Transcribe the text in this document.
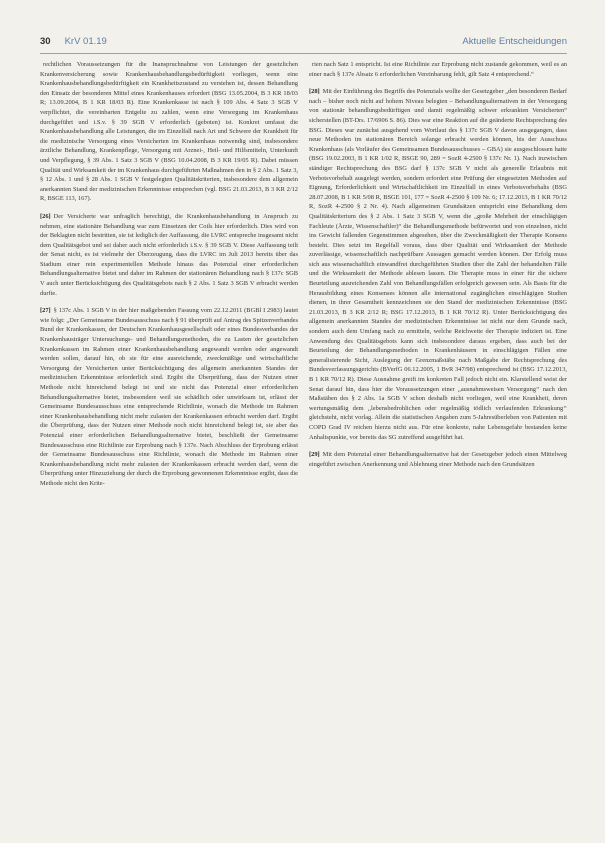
30 KrV 01.19	Aktuelle Entscheidungen

rechtlichen Voraussetzungen für die Inanspruchnahme von Leistungen der gesetzlichen Krankenversicherung sowie Krankenhausbehandlungsbedürftigkeit vorliegen, wenn eine Krankenhausbehandlungsbedürftigkeit ein Krankheitszustand zu verstehen ist, dessen Behandlung den Einsatz der besonderen Mittel eines Krankenhauses erfordert (BSG 13.05.2004, B 3 KR 18/03 R; 13.09.2004, B 1 KR 18/03 R). Eine Krankenkasse ist nach § 109 Abs. 4 Satz 3 SGB V verpflichtet, die vereinbarten Entgelte zu zahlen, wenn eine Versorgung im Krankenhaus durchgeführt und i.S.v. § 39 SGB V erforderlich (geboten) ist. Konkret umfasst die Krankenhausbehandlung alle Leistungen, die im Einzelfall nach Art und Schwere der Krankheit für die medizinische Versorgung eines Versicherten im Krankenhaus notwendig sind, insbesondere ärztliche Behandlung, Krankenpflege, Versorgung mit Arznei-, Heil- und Hilfsmitteln, Unterkunft und Verpflegung, § 39 Abs. 1 Satz 3 SGB V (BSG 10.04.2008, B 3 KR 19/05 R). Dabei müssen Qualität und Wirksamkeit der im Krankenhaus durchgeführten Maßnahmen den in § 2 Abs. 1 Satz 3, § 12 Abs. 1 und § 28 Abs. 1 SGB V festgelegten Qualitätskriterien, insbesondere dem allgemein anerkannten Stand der medizinischen Erkenntnisse entsprechen (vgl. BSG 21.03.2013, B 3 KR 2/12 R, BSGE 113, 167).

[26] Der Versicherte war unfraglich berechtigt, die Krankenhausbehandlung in Anspruch zu nehmen, eine stationäre Behandlung war zum Einsetzen der Coils hier erforderlich. Dies wird von der Beklagten nicht bestritten, sie ist lediglich der Auffassung, die LVRC entspreche insgesamt nicht dem Qualitätsgebot und sei daher auch nicht erforderlich i.S.v. § 39 SGB V. Diese Auffassung teilt der Senat nicht, es ist vielmehr der Überzeugung, dass die LVRC im Juli 2013 bereits über das Stadium einer rein experimentellen Methode hinaus das Potenzial einer erforderlichen Behandlungsalternative bietet und daher im Rahmen der stationären Behandlung nach § 137c SGB V auch unter Berücksichtigung des Qualitätsgebots nach § 2 Abs. 1 Satz 3 SGB V erbracht werden durfte.

[27] § 137c Abs. 1 SGB V in der hier maßgebenden Fassung vom 22.12.2011 (BGBl I 2983) lautet wie folgt: „Der Gemeinsame Bundesausschuss nach § 91 überprüft auf Antrag des Spitzenverbandes Bund der Krankenkassen, der Deutschen Krankenhausgesellschaft oder eines Bundesverbandes der Krankenhausträger Untersuchungs- und Behandlungsmethoden, die zu Lasten der gesetzlichen Krankenkassen im Rahmen einer Krankenhausbehandlung angewandt werden oder angewandt werden sollen, darauf hin, ob sie für eine ausreichende, zweckmäßige und wirtschaftliche Versorgung der Versicherten unter Berücksichtigung des allgemein anerkannten Standes der medizinischen Erkenntnisse erforderlich sind. Ergibt die Überprüfung, dass der Nutzen einer Methode nicht hinreichend belegt ist und sie nicht das Potenzial einer erforderlichen Behandlungsalternative bietet, insbesondere weil sie schädlich oder unwirksam ist, erlässt der Gemeinsame Bundesausschuss eine entsprechende Richtlinie, wonach die Methode im Rahmen einer Krankenhausbehandlung nicht mehr zulasten der Krankenkassen erbracht werden darf. Ergibt die Überprüfung, dass der Nutzen einer Methode noch nicht hinreichend belegt ist, sie aber das Potenzial einer erforderlichen Behandlungsalternative bietet, beschließt der Gemeinsame Bundesausschuss eine Richtlinie zur Erprobung nach § 137e. Nach Abschluss der Erprobung erlässt der Gemeinsame Bundesausschuss eine Richtlinie, wonach die Methode im Rahmen einer Krankenhausbehandlung nicht mehr zulasten der Krankenkassen erbracht werden darf, wenn die Überprüfung unter Hinzuziehung der durch die Erprobung gewonnenen Erkenntnisse ergibt, dass die Methode nicht den Krite-

rien nach Satz 1 entspricht. Ist eine Richtlinie zur Erprobung nicht zustande gekommen, weil es an einer nach § 137e Absatz 6 erforderlichen Vereinbarung fehlt, gilt Satz 4 entsprechend.“

[28] Mit der Einführung des Begriffs des Potenzials wollte der Gesetzgeber „den besonderen Bedarf nach – bisher noch nicht auf hohem Niveau belegten – Behandlungsalternativen in der Versorgung von stationär behandlungsbedürftigen und damit regelmäßig schwer erkrankten Versicherten“ sicherstellen (BT-Drs. 17/6906 S. 86). Dies war eine Reaktion auf die geänderte Rechtsprechung des BSG. Dieses war zunächst ausgehend vom Wortlaut des § 137c SGB V davon ausgegangen, dass neue Methoden im stationären Bereich solange erbracht werden können, bis der Ausschuss Krankenhaus (als Vorläufer des Gemeinsamen Bundesausschusses – GBA) sie ausgeschlossen hatte (BSG 19.02.2003, B 1 KR 1/02 R, BSGE 90, 289 = SozR 4-2500 § 137c Nr. 1). Nach inzwischen ständiger Rechtsprechung des BSG darf § 137c SGB V nicht als generelle Erlaubnis mit Verbotsvorbehalt ausgelegt werden, sondern erfordert eine Prüfung der eingesetzten Methoden auf Eignung, Erforderlichkeit und Wirtschaftlichkeit im Einzelfall in eines Verbotsvorbehalts (BSG 28.07.2008, B 1 KR 5/08 R, BSGE 101, 177 = SozR 4-2500 § 109 Nr. 6; 17.12.2013, B 1 KR 70/12 R, SozR 4-2500 § 2 Nr. 4). Nach allgemeinen Grundsätzen entspricht eine Behandlung dem Qualitätskriterium des § 2 Abs. 1 Satz 3 SGB V, wenn die „große Mehrheit der einschlägigen Fachleute (Ärzte, Wissenschaftler)“ die Behandlungsmethode befürwortet und von einzelnen, nicht ins Gewicht fallenden Gegenstimmen abgesehen, über die Zweckmäßigkeit der Therapie Konsens besteht. Dies setzt im Regelfall voraus, dass über Qualität und Wirksamkeit der Methode zuverlässige, wissenschaftlich nachprüfbare Aussagen gemacht werden können. Der Erfolg muss sich aus wissenschaftlich einwandfrei durchgeführten Studien über die Zahl der behandelten Fälle und die Wirksamkeit der Methode ablesen lassen. Die Therapie muss in einer für die sichere Beurteilung ausreichenden Zahl von Behandlungsfällen erfolgreich gewesen sein. Als Basis für die Herausbildung eines Konsenses können alle international zugänglichen einschlägigen Studien dienen, in ihrer Gesamtheit kennzeichnen sie den Stand der medizinischen Erkenntnisse (BSG 21.03.2013, B 3 KR 2/12 R; BSG 17.12.2013, B 1 KR 70/12 R). Unter Berücksichtigung des allgemein anerkannten Standes der medizinischen Erkenntnisse ist nicht nur dem Grunde nach, sondern auch dem Umfang nach zu ermitteln, welche Reichweite der Therapie indiziert ist. Eine Anwendung des Qualitätsgebots kann sich insbesondere daraus ergeben, dass auch bei der Beurteilung der Behandlungsmethoden in Krankenhäusern in einschlägigen Fällen eine generalisierende Sicht, Auslegung der Grenzmaßstäbe nach Maßgabe der Rechtsprechung des Bundesverfassungsgerichts (BVerfG 06.12.2005, 1 BvR 347/98) entsprechend ist (BSG 17.12.2013, B 1 KR 70/12 R). Diese Ausnahme greift im konkreten Fall jedoch nicht ein. Klarstellend weist der Senat darauf hin, dass hier die Voraussetzungen einer ,,ausnahmsweisen Versorgung‘‘ nach den Maßstäben des § 2 Abs. 1a SGB V schon deshalb nicht vorliegen, weil eine Krankheit, deren wertungsmäßig dem ,,lebensbedrohlichen oder regelmäßig tödlich verlaufenden Erkrankung‘‘ gleichsteht, nicht vorlag. Allein die statistischen Angaben zum 5-Jahresüberleben von Patienten mit COPD Grad IV reichen hierzu nicht aus. Für eine konkrete, nahe Lebensgefahr bestanden keine Anhaltspunkte, vor bereits das SG zutreffend ausgeführt hat.

[29] Mit dem Potenzial einer Behandlungsalternative hat der Gesetzgeber jedoch einen Mittelweg eingeführt zwischen Anerkennung und Ablehnung einer Methode nach den Grundsätzen
